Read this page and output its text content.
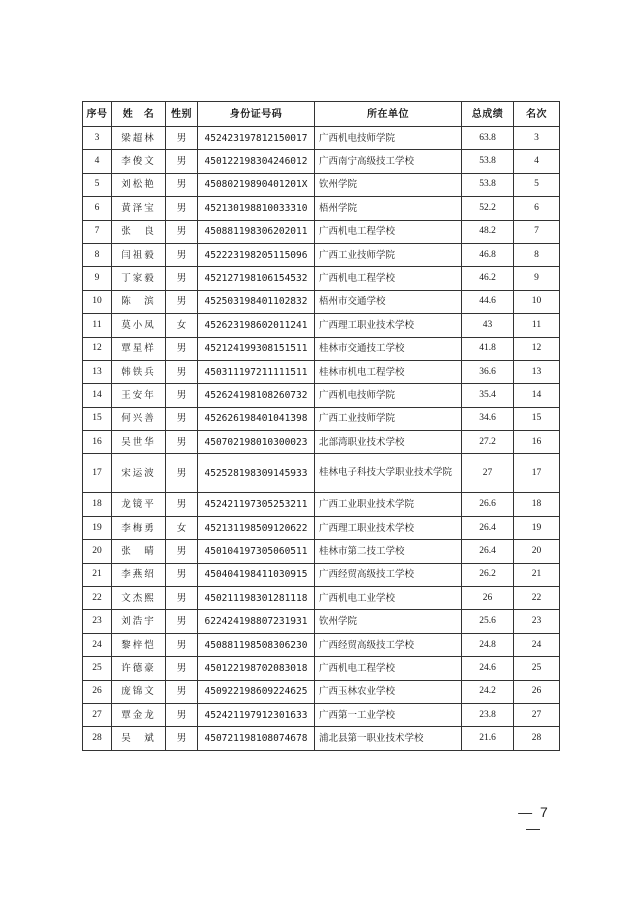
序号	姓　名	性别	身份证号码	所在单位	总成绩	名次
3	梁超林	男	452423197812150017	广西机电技师学院	63.8	3
4	李俊文	男	450122198304246012	广西南宁高级技工学校	53.8	4
5	刘松艳	男	45080219890401201X	钦州学院	53.8	5
6	黄泽宝	男	452130198810033310	梧州学院	52.2	6
7	张　良	男	450881198306202011	广西机电工程学校	48.2	7
8	闫祖毅	男	452223198205115096	广西工业技师学院	46.8	8
9	丁家毅	男	452127198106154532	广西机电工程学校	46.2	9
10	陈　滨	男	452503198401102832	梧州市交通学校	44.6	10
11	莫小凤	女	452623198602011241	广西理工职业技术学校	43	11
12	覃星样	男	452124199308151511	桂林市交通技工学校	41.8	12
13	韩铁兵	男	450311197211111511	桂林市机电工程学校	36.6	13
14	王安年	男	452624198108260732	广西机电技师学院	35.4	14
15	何兴善	男	452626198401041398	广西工业技师学院	34.6	15
16	吴世华	男	450702198010300023	北部湾职业技术学校	27.2	16
17	宋运波	男	452528198309145933	桂林电子科技大学职业技术学院	27	17
18	龙镜平	男	452421197305253211	广西工业职业技术学院	26.6	18
19	李梅勇	女	452131198509120622	广西理工职业技术学校	26.4	19
20	张　晴	男	450104197305060511	桂林市第二技工学校	26.4	20
21	李燕绍	男	450404198411030915	广西经贸高级技工学校	26.2	21
22	文杰熙	男	450211198301281118	广西机电工业学校	26	22
23	刘浩宇	男	622424198807231931	钦州学院	25.6	23
24	黎梓恺	男	450881198508306230	广西经贸高级技工学校	24.8	24
25	许德豪	男	450122198702083018	广西机电工程学校	24.6	25
26	庞锦文	男	450922198609224625	广西玉林农业学校	24.2	26
27	覃金龙	男	452421197912301633	广西第一工业学校	23.8	27
28	吴　斌	男	450721198108074678	浦北县第一职业技术学校	21.6	28
— 7 —
